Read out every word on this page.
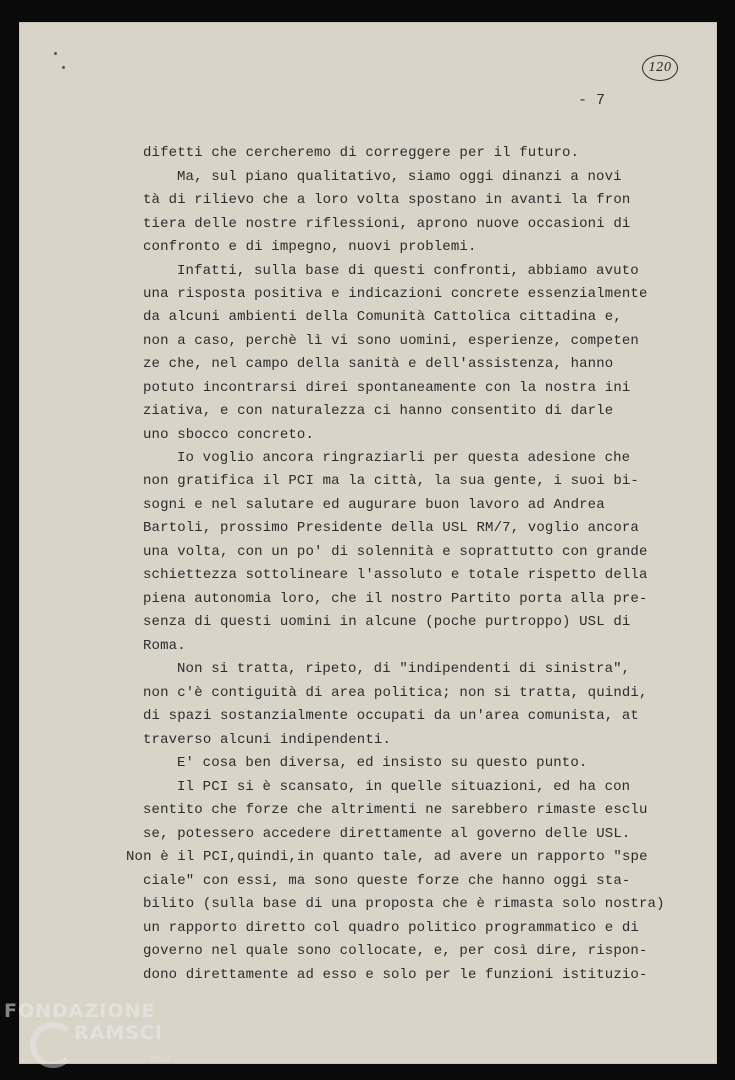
120
- 7
difetti che cercheremo di correggere per il futuro.
Ma, sul piano qualitativo, siamo oggi dinanzi a novi
tà di rilievo che a loro volta spostano in avanti la fron
tiera delle nostre riflessioni, aprono nuove occasioni di
confronto e di impegno, nuovi problemi.
Infatti, sulla base di questi confronti, abbiamo avuto
una risposta positiva e indicazioni concrete essenzialmente
da alcuni ambienti della Comunità Cattolica cittadina e,
non a caso, perchè lì vi sono uomini, esperienze, competen
ze che, nel campo della sanità e dell'assistenza, hanno
potuto incontrarsi direi spontaneamente con la nostra ini
ziativa, e con naturalezza ci hanno consentito di darle
uno sbocco concreto.
Io voglio ancora ringraziarli per questa adesione che
non gratifica il PCI ma la città, la sua gente, i suoi bi-
sogni e nel salutare ed augurare buon lavoro ad Andrea
Bartoli, prossimo Presidente della USL RM/7, voglio ancora
una volta, con un po' di solennità e soprattutto con grande
schiettezza sottolineare l'assoluto e totale rispetto della
piena autonomia loro, che il nostro Partito porta alla pre-
senza di questi uomini in alcune (poche purtroppo) USL di
Roma.
Non si tratta, ripeto, di "indipendenti di sinistra",
non c'è contiguità di area politica; non si tratta, quindi,
di spazi sostanzialmente occupati da un'area comunista, at
traverso alcuni indipendenti.
E' cosa ben diversa, ed insisto su questo punto.
Il PCI si è scansato, in quelle situazioni, ed ha con
sentito che forze che altrimenti ne sarebbero rimaste esclu
se, potessero accedere direttamente al governo delle USL.
Non è il PCI,quindi,in quanto tale, ad avere un rapporto "spe
ciale" con essi, ma sono queste forze che hanno oggi sta-
bilito (sulla base di una proposta che è rimasta solo nostra)
un rapporto diretto col quadro politico programmatico e di
governo nel quale sono collocate, e, per così dire, rispon-
dono direttamente ad esso e solo per le funzioni istituzio-
FONDAZIONE
RAMSCI
onlus
